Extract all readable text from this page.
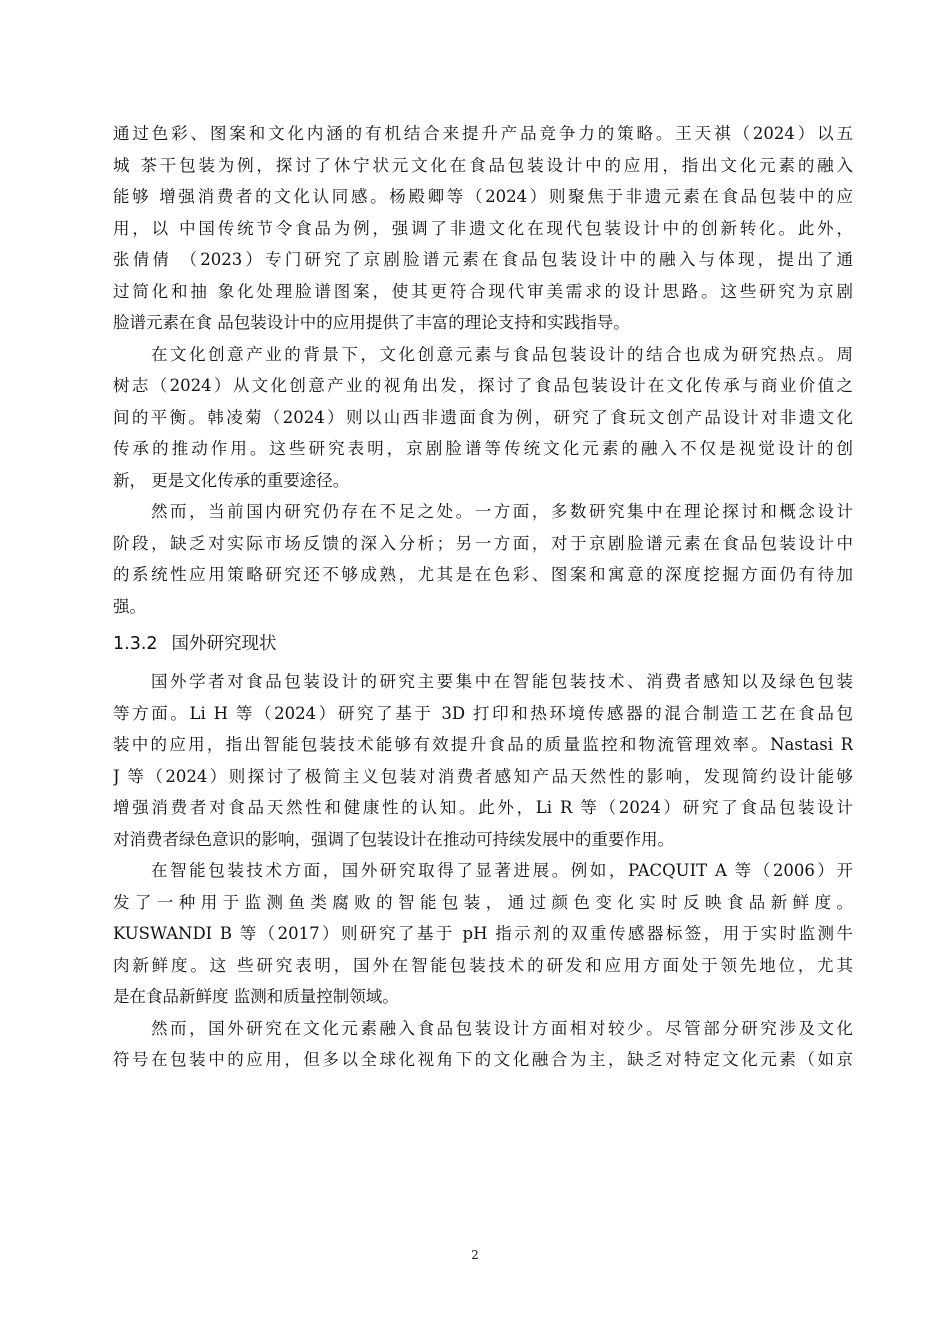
通过色彩、图案和文化内涵的有机结合来提升产品竞争力的策略。王天祺（2024）以五
城 茶干包装为例，探讨了休宁状元文化在食品包装设计中的应用，指出文化元素的融入
能够 增强消费者的文化认同感。杨殿卿等（2024）则聚焦于非遗元素在食品包装中的应
用，以 中国传统节令食品为例，强调了非遗文化在现代包装设计中的创新转化。此外，
张倩倩 （2023）专门研究了京剧脸谱元素在食品包装设计中的融入与体现，提出了通
过简化和抽 象化处理脸谱图案，使其更符合现代审美需求的设计思路。这些研究为京剧
脸谱元素在食 品包装设计中的应用提供了丰富的理论支持和实践指导。
在文化创意产业的背景下，文化创意元素与食品包装设计的结合也成为研究热点。周
树志（2024）从文化创意产业的视角出发，探讨了食品包装设计在文化传承与商业价值之
间的平衡。韩凌菊（2024）则以山西非遗面食为例，研究了食玩文创产品设计对非遗文化
传承的推动作用。这些研究表明，京剧脸谱等传统文化元素的融入不仅是视觉设计的创
新， 更是文化传承的重要途径。
然而，当前国内研究仍存在不足之处。一方面，多数研究集中在理论探讨和概念设计
阶段，缺乏对实际市场反馈的深入分析；另一方面，对于京剧脸谱元素在食品包装设计中
的系统性应用策略研究还不够成熟，尤其是在色彩、图案和寓意的深度挖掘方面仍有待加
强。
1.3.2 国外研究现状
国外学者对食品包装设计的研究主要集中在智能包装技术、消费者感知以及绿色包装
等方面。Li H 等（2024）研究了基于 3D 打印和热环境传感器的混合制造工艺在食品包
装中的应用，指出智能包装技术能够有效提升食品的质量监控和物流管理效率。Nastasi R
J 等（2024）则探讨了极简主义包装对消费者感知产品天然性的影响，发现简约设计能够
增强消费者对食品天然性和健康性的认知。此外，Li R 等（2024）研究了食品包装设计
对消费者绿色意识的影响，强调了包装设计在推动可持续发展中的重要作用。
在智能包装技术方面，国外研究取得了显著进展。例如，PACQUIT A 等（2006）开
发了一种用于监测鱼类腐败的智能包装，通过颜色变化实时反映食品新鲜度。
KUSWANDI B 等（2017）则研究了基于 pH 指示剂的双重传感器标签，用于实时监测牛
肉新鲜度。这 些研究表明，国外在智能包装技术的研发和应用方面处于领先地位，尤其
是在食品新鲜度 监测和质量控制领域。
然而，国外研究在文化元素融入食品包装设计方面相对较少。尽管部分研究涉及文化
符号在包装中的应用，但多以全球化视角下的文化融合为主，缺乏对特定文化元素（如京
2
